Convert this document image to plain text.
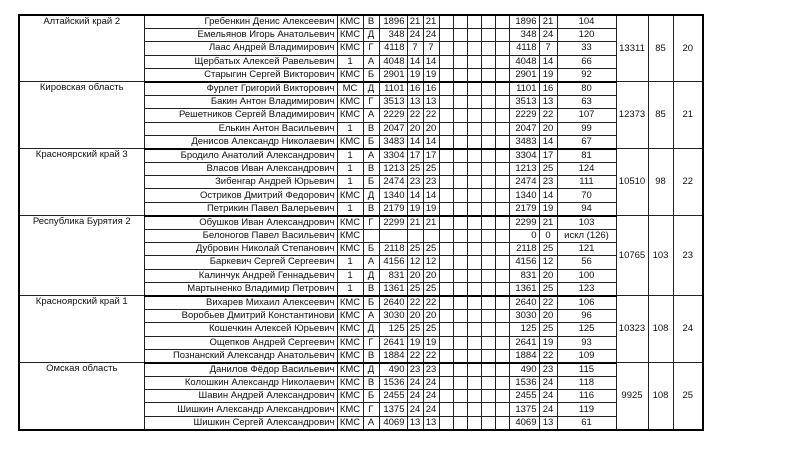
Алтайский край 2	Гребенкин Денис Алексеевич	КМС	В	1896	21	21						1896	21	104	13311	85	20
	Емельянов Игорь Анатольевич	КМС	Д	348	24	24						348	24	120			
	Лаас Андрей Владимирович	КМС	Г	4118	7	7						4118	7	33			
	Щербатых Алексей Равельевич	1	А	4048	14	14						4048	14	66			
	Старыгин Сергей Викторович	КМС	Б	2901	19	19						2901	19	92			
Кировская область	Фурлет Григорий Викторович	МС	Д	1101	16	16						1101	16	80	12373	85	21
	Бакин Антон Владимирович	КМС	Г	3513	13	13						3513	13	63			
	Решетников Сергей Владимирович	КМС	А	2229	22	22						2229	22	107			
	Елькин Антон Васильевич	1	В	2047	20	20						2047	20	99			
	Денисов Александр Николаевич	КМС	Б	3483	14	14						3483	14	67			
Красноярский край 3	Бродило Анатолий Александрович	1	А	3304	17	17						3304	17	81	10510	98	22
	Власов Иван Александрович	1	В	1213	25	25						1213	25	124			
	Зибенгар Андрей Юрьевич	1	Б	2474	23	23						2474	23	111			
	Остриков Дмитрий Федорович	КМС	Д	1340	14	14						1340	14	70			
	Петрикин Павел Валерьевич	1	В	2179	19	19						2179	19	94			
Республика Бурятия 2	Обушков Иван Александрович	КМС	Г	2299	21	21						2299	21	103	10765	103	23
	Белоногов Павел Васильевич	КМС										0	0	искл (126)			
	Дубровин Николай Степанович	КМС	Б	2118	25	25						2118	25	121			
	Баркевич Сергей Сергеевич	1	А	4156	12	12						4156	12	56			
	Калинчук Андрей Геннадьевич	1	Д	831	20	20						831	20	100			
	Мартыненко Владимир Петрович	1	В	1361	25	25						1361	25	123			
Красноярский край 1	Вихарев Михаил Алексеевич	КМС	Б	2640	22	22						2640	22	106	10323	108	24
	Воробьев Дмитрий Константинови	КМС	А	3030	20	20						3030	20	96			
	Кошечкин Алексей Юрьевич	КМС	Д	125	25	25						125	25	125			
	Ощепков Андрей Сергеевич	КМС	Г	2641	19	19						2641	19	93			
	Познанский Александр Анатольевич	КМС	В	1884	22	22						1884	22	109			
Омская область	Данилов Фёдор Васильевич	КМС	Д	490	23	23						490	23	115	9925	108	25
	Колошкин Александр Николаевич	КМС	В	1536	24	24						1536	24	118			
	Шавин Андрей Александрович	КМС	Б	2455	24	24						2455	24	116			
	Шишкин Александр Александрович	КМС	Г	1375	24	24						1375	24	119			
	Шишкин Сергей Александрович	КМС	А	4069	13	13						4069	13	61			
